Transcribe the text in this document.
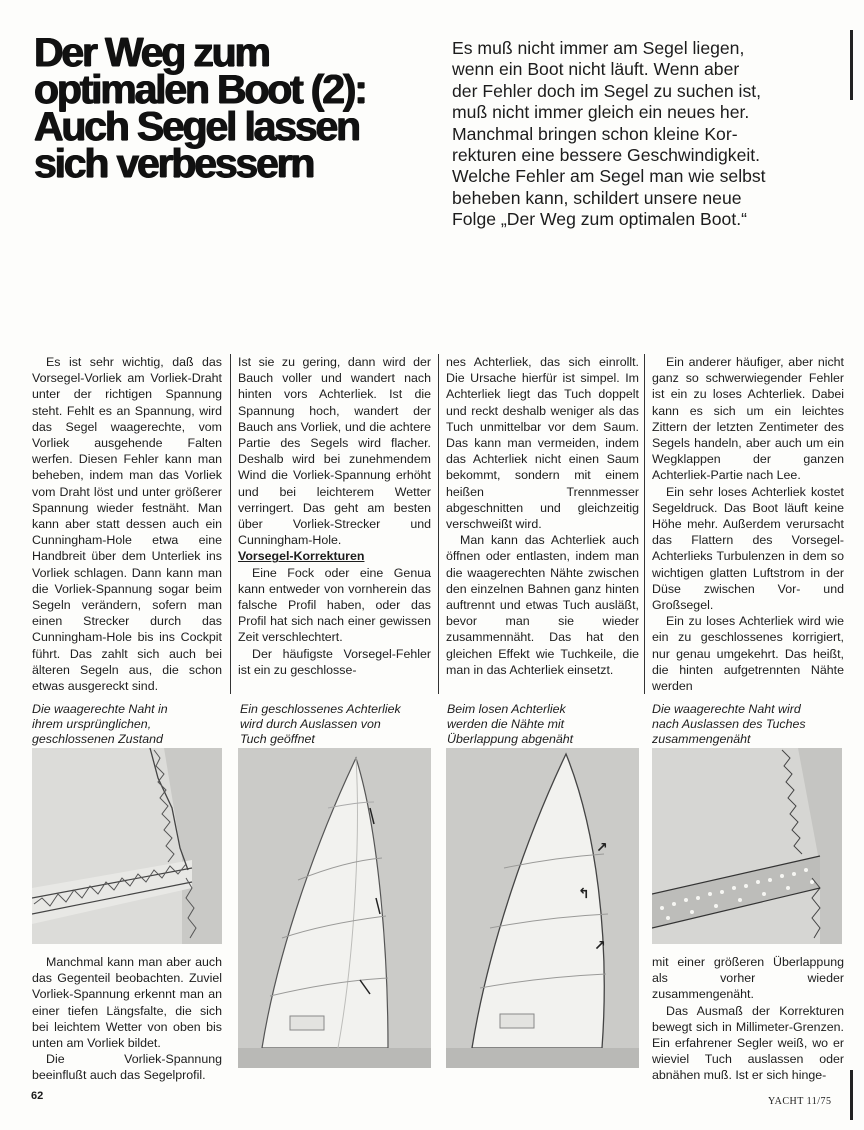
Der Weg zum
optimalen Boot (2):
Auch Segel lassen
sich verbessern

Es muß nicht immer am Segel liegen,
wenn ein Boot nicht läuft. Wenn aber
der Fehler doch im Segel zu suchen ist,
muß nicht immer gleich ein neues her.
Manchmal bringen schon kleine Kor-
rekturen eine bessere Geschwindigkeit.
Welche Fehler am Segel man wie selbst
beheben kann, schildert unsere neue
Folge „Der Weg zum optimalen Boot.“

Es ist sehr wichtig, daß das Vorsegel-Vorliek am Vorliek-Draht unter der richtigen Spannung steht. Fehlt es an Spannung, wird das Segel waagerechte, vom Vorliek ausgehende Falten werfen. Diesen Fehler kann man beheben, indem man das Vorliek vom Draht löst und unter größerer Spannung wieder festnäht. Man kann aber statt dessen auch ein Cunningham-Hole etwa eine Handbreit über dem Unterliek ins Vorliek schlagen. Dann kann man die Vorliek-Spannung sogar beim Segeln verändern, sofern man einen Strecker durch das Cunningham-Hole bis ins Cockpit führt. Das zahlt sich auch bei älteren Segeln aus, die schon etwas ausgereckt sind.

Ist sie zu gering, dann wird der Bauch voller und wandert nach hinten vors Achterliek. Ist die Spannung hoch, wandert der Bauch ans Vorliek, und die achtere Partie des Segels wird flacher. Deshalb wird bei zunehmendem Wind die Vorliek-Spannung erhöht und bei leichterem Wetter verringert. Das geht am besten über Vorliek-Strecker und Cunningham-Hole.

Vorsegel-Korrekturen

Eine Fock oder eine Genua kann entweder von vornherein das falsche Profil haben, oder das Profil hat sich nach einer gewissen Zeit verschlechtert.

Der häufigste Vorsegel-Fehler ist ein zu geschlosse-

nes Achterliek, das sich einrollt. Die Ursache hierfür ist simpel. Im Achterliek liegt das Tuch doppelt und reckt deshalb weniger als das Tuch unmittelbar vor dem Saum. Das kann man vermeiden, indem das Achterliek nicht einen Saum bekommt, sondern mit einem heißen Trennmesser abgeschnitten und gleichzeitig verschweißt wird.

Man kann das Achterliek auch öffnen oder entlasten, indem man die waagerechten Nähte zwischen den einzelnen Bahnen ganz hinten auftrennt und etwas Tuch ausläßt, bevor man sie wieder zusammennäht. Das hat den gleichen Effekt wie Tuchkeile, die man in das Achterliek einsetzt.

Ein anderer häufiger, aber nicht ganz so schwerwiegender Fehler ist ein zu loses Achterliek. Dabei kann es sich um ein leichtes Zittern der letzten Zentimeter des Segels handeln, aber auch um ein Wegklappen der ganzen Achterliek-Partie nach Lee.

Ein sehr loses Achterliek kostet Segeldruck. Das Boot läuft keine Höhe mehr. Außerdem verursacht das Flattern des Vorsegel-Achterlieks Turbulenzen in dem so wichtigen glatten Luftstrom in der Düse zwischen Vor- und Großsegel.

Ein zu loses Achterliek wird wie ein zu geschlossenes korrigiert, nur genau umgekehrt. Das heißt, die hinten aufgetrennten Nähte werden

Die waagerechte Naht in
ihrem ursprünglichen,
geschlossenen Zustand
Ein geschlossenes Achterliek
wird durch Auslassen von
Tuch geöffnet
Beim losen Achterliek
werden die Nähte mit
Überlappung abgenäht
Die waagerechte Naht wird
nach Auslassen des Tuches
zusammengenäht
↗
↰
↗

Manchmal kann man aber auch das Gegenteil beobachten. Zuviel Vorliek-Spannung erkennt man an einer tiefen Längsfalte, die sich bei leichtem Wetter von oben bis unten am Vorliek bildet.

Die Vorliek-Spannung beeinflußt auch das Segelprofil.

mit einer größeren Überlappung als vorher wieder zusammengenäht.

Das Ausmaß der Korrekturen bewegt sich in Millimeter-Grenzen. Ein erfahrener Segler weiß, wo er wieviel Tuch auslassen oder abnähen muß. Ist er sich hinge-

62	YACHT 11/75
